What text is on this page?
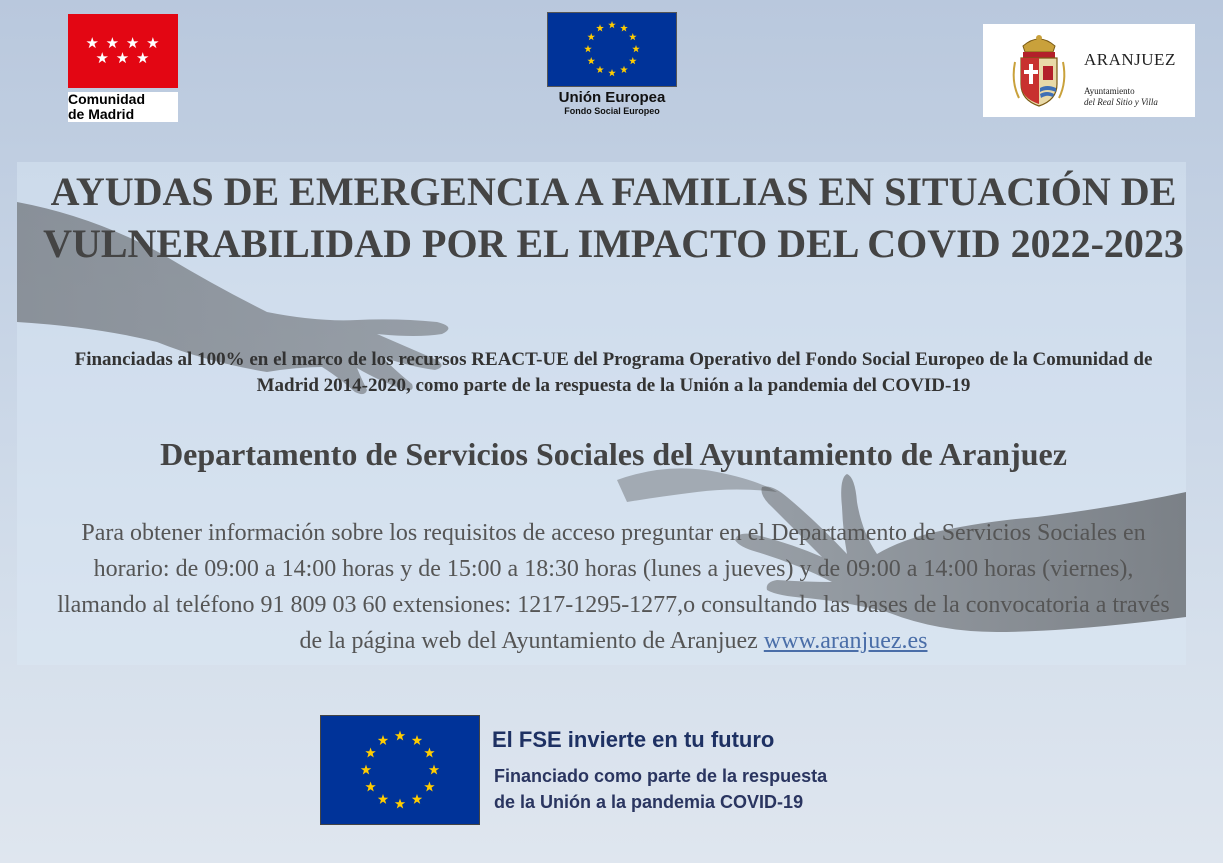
★ ★ ★ ★
★ ★ ★
Comunidad
de Madrid
Unión Europea
Fondo Social Europeo
ARANJUEZ
Ayuntamiento
del Real Sitio y Villa
AYUDAS DE EMERGENCIA A FAMILIAS EN SITUACIÓN DE VULNERABILIDAD POR EL IMPACTO DEL COVID 2022-2023

Financiadas al 100% en el marco de los recursos REACT-UE del Programa Operativo del Fondo Social Europeo de la Comunidad de Madrid 2014-2020, como parte de la respuesta de la Unión a la pandemia del COVID-19

Departamento de Servicios Sociales del Ayuntamiento de Aranjuez

Para obtener información sobre los requisitos de acceso preguntar en el Departamento de Servicios Sociales en horario: de 09:00 a 14:00 horas y de 15:00 a 18:30 horas (lunes a jueves) y de 09:00 a 14:00 horas (viernes), llamando al teléfono 91 809 03 60 extensiones: 1217-1295-1277,o consultando las bases de la convocatoria a través de la página web del Ayuntamiento de Aranjuez www.aranjuez.es

El FSE invierte en tu futuro
Financiado como parte de la respuesta
de la Unión a la pandemia COVID-19
